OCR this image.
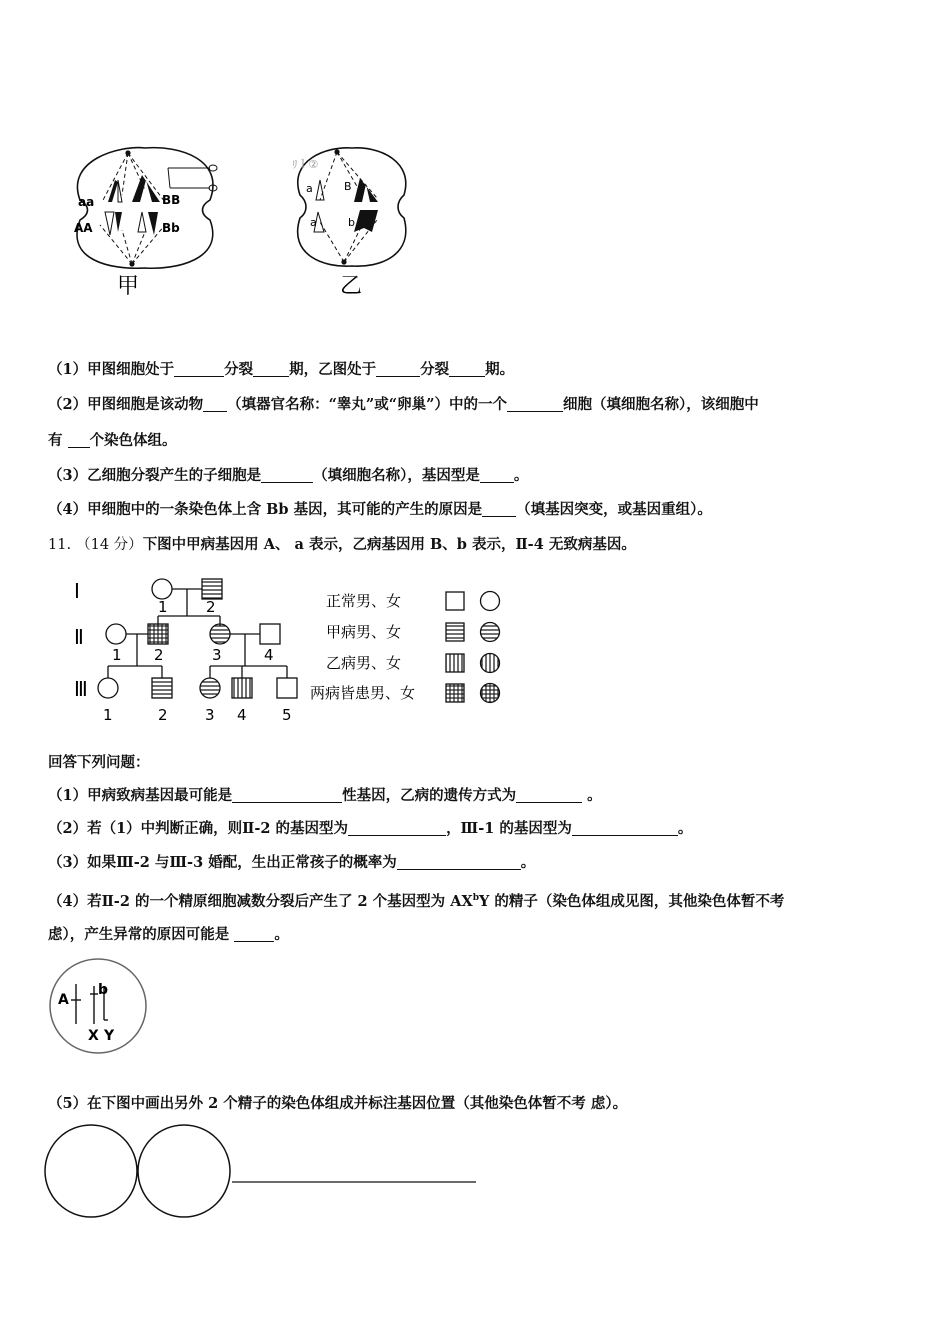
aa
AA
BB
Bb
甲
ﾘｌ②
a	B
a	b
乙
（1）甲图细胞处于	分裂 期，乙图处于	分裂 期。
（2）甲图细胞是该动物 （填器官名称：“睾丸”或“卵巢”）中的一个	细胞（填细胞名称），该细胞中
有 个染色体组。
（3）乙细胞分裂产生的子细胞是	（填细胞名称），基因型是 。
（4）甲细胞中的一条染色体上含 Bb 基因，其可能的产生的原因是 （填基因突变，或基因重组）。
11. （14 分）下图中甲病基因用 A、 a 表示，乙病基因用 B、b 表示，Ⅱ-4 无致病基因。
Ⅰ
Ⅱ
Ⅲ
1	2
1 2	3	4
1	2 3 4 5
正常男、女
甲病男、女
乙病男、女
两病皆患男、女
回答下列问题：
（1）甲病致病基因最可能是	性基因，乙病的遗传方式为	。
（2）若（1）中判断正确，则Ⅱ-2 的基因型为	，Ⅲ-1 的基因型为	。
（3）如果Ⅲ-2 与Ⅲ-3 婚配，生出正常孩子的概率为	。
（4）若Ⅱ-2 的一个精原细胞减数分裂后产生了 2 个基因型为 $AX^bY$ 的精子（染色体组成见图，其他染色体暂不考
虑），产生异常的原因可能是	。
A
b
X Y
（5）在下图中画出另外 2 个精子的染色体组成并标注基因位置（其他染色体暂不考 虑）。
